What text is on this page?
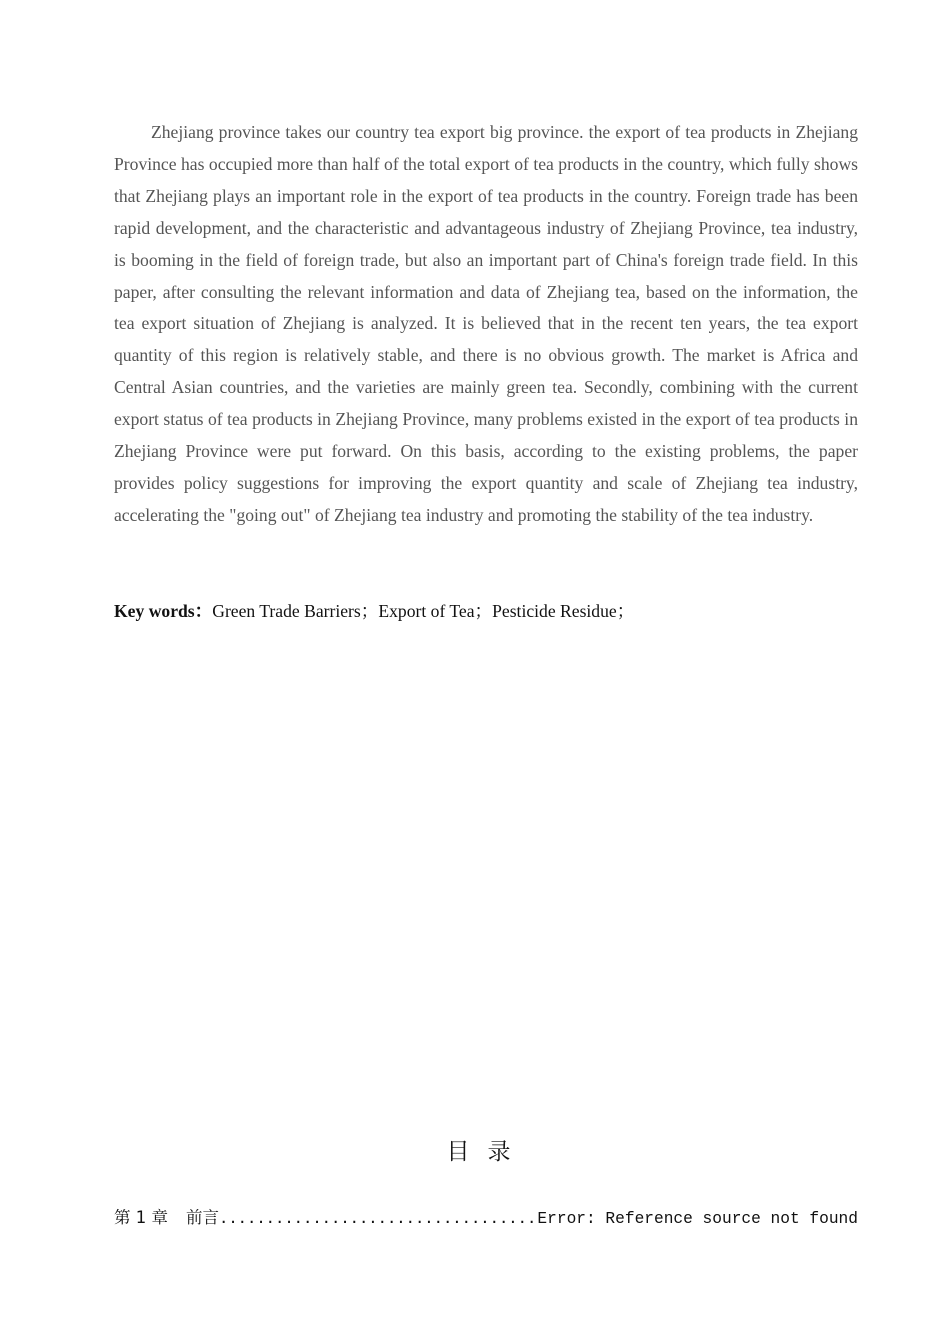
Zhejiang province takes our country tea export big province. the export of tea products in Zhejiang Province has occupied more than half of the total export of tea products in the country, which fully shows that Zhejiang plays an important role in the export of tea products in the country. Foreign trade has been rapid development, and the characteristic and advantageous industry of Zhejiang Province, tea industry, is booming in the field of foreign trade, but also an important part of China's foreign trade field. In this paper, after consulting the relevant information and data of Zhejiang tea, based on the information, the tea export situation of Zhejiang is analyzed. It is believed that in the recent ten years, the tea export quantity of this region is relatively stable, and there is no obvious growth. The market is Africa and Central Asian countries, and the varieties are mainly green tea. Secondly, combining with the current export status of tea products in Zhejiang Province, many problems existed in the export of tea products in Zhejiang Province were put forward. On this basis, according to the existing problems, the paper provides policy suggestions for improving the export quantity and scale of Zhejiang tea industry, accelerating the "going out" of Zhejiang tea industry and promoting the stability of the tea industry.

Key words：Green Trade Barriers；Export of Tea；Pesticide Residue；

目录
第 1 章 前言
.....	Error: Reference source not found
